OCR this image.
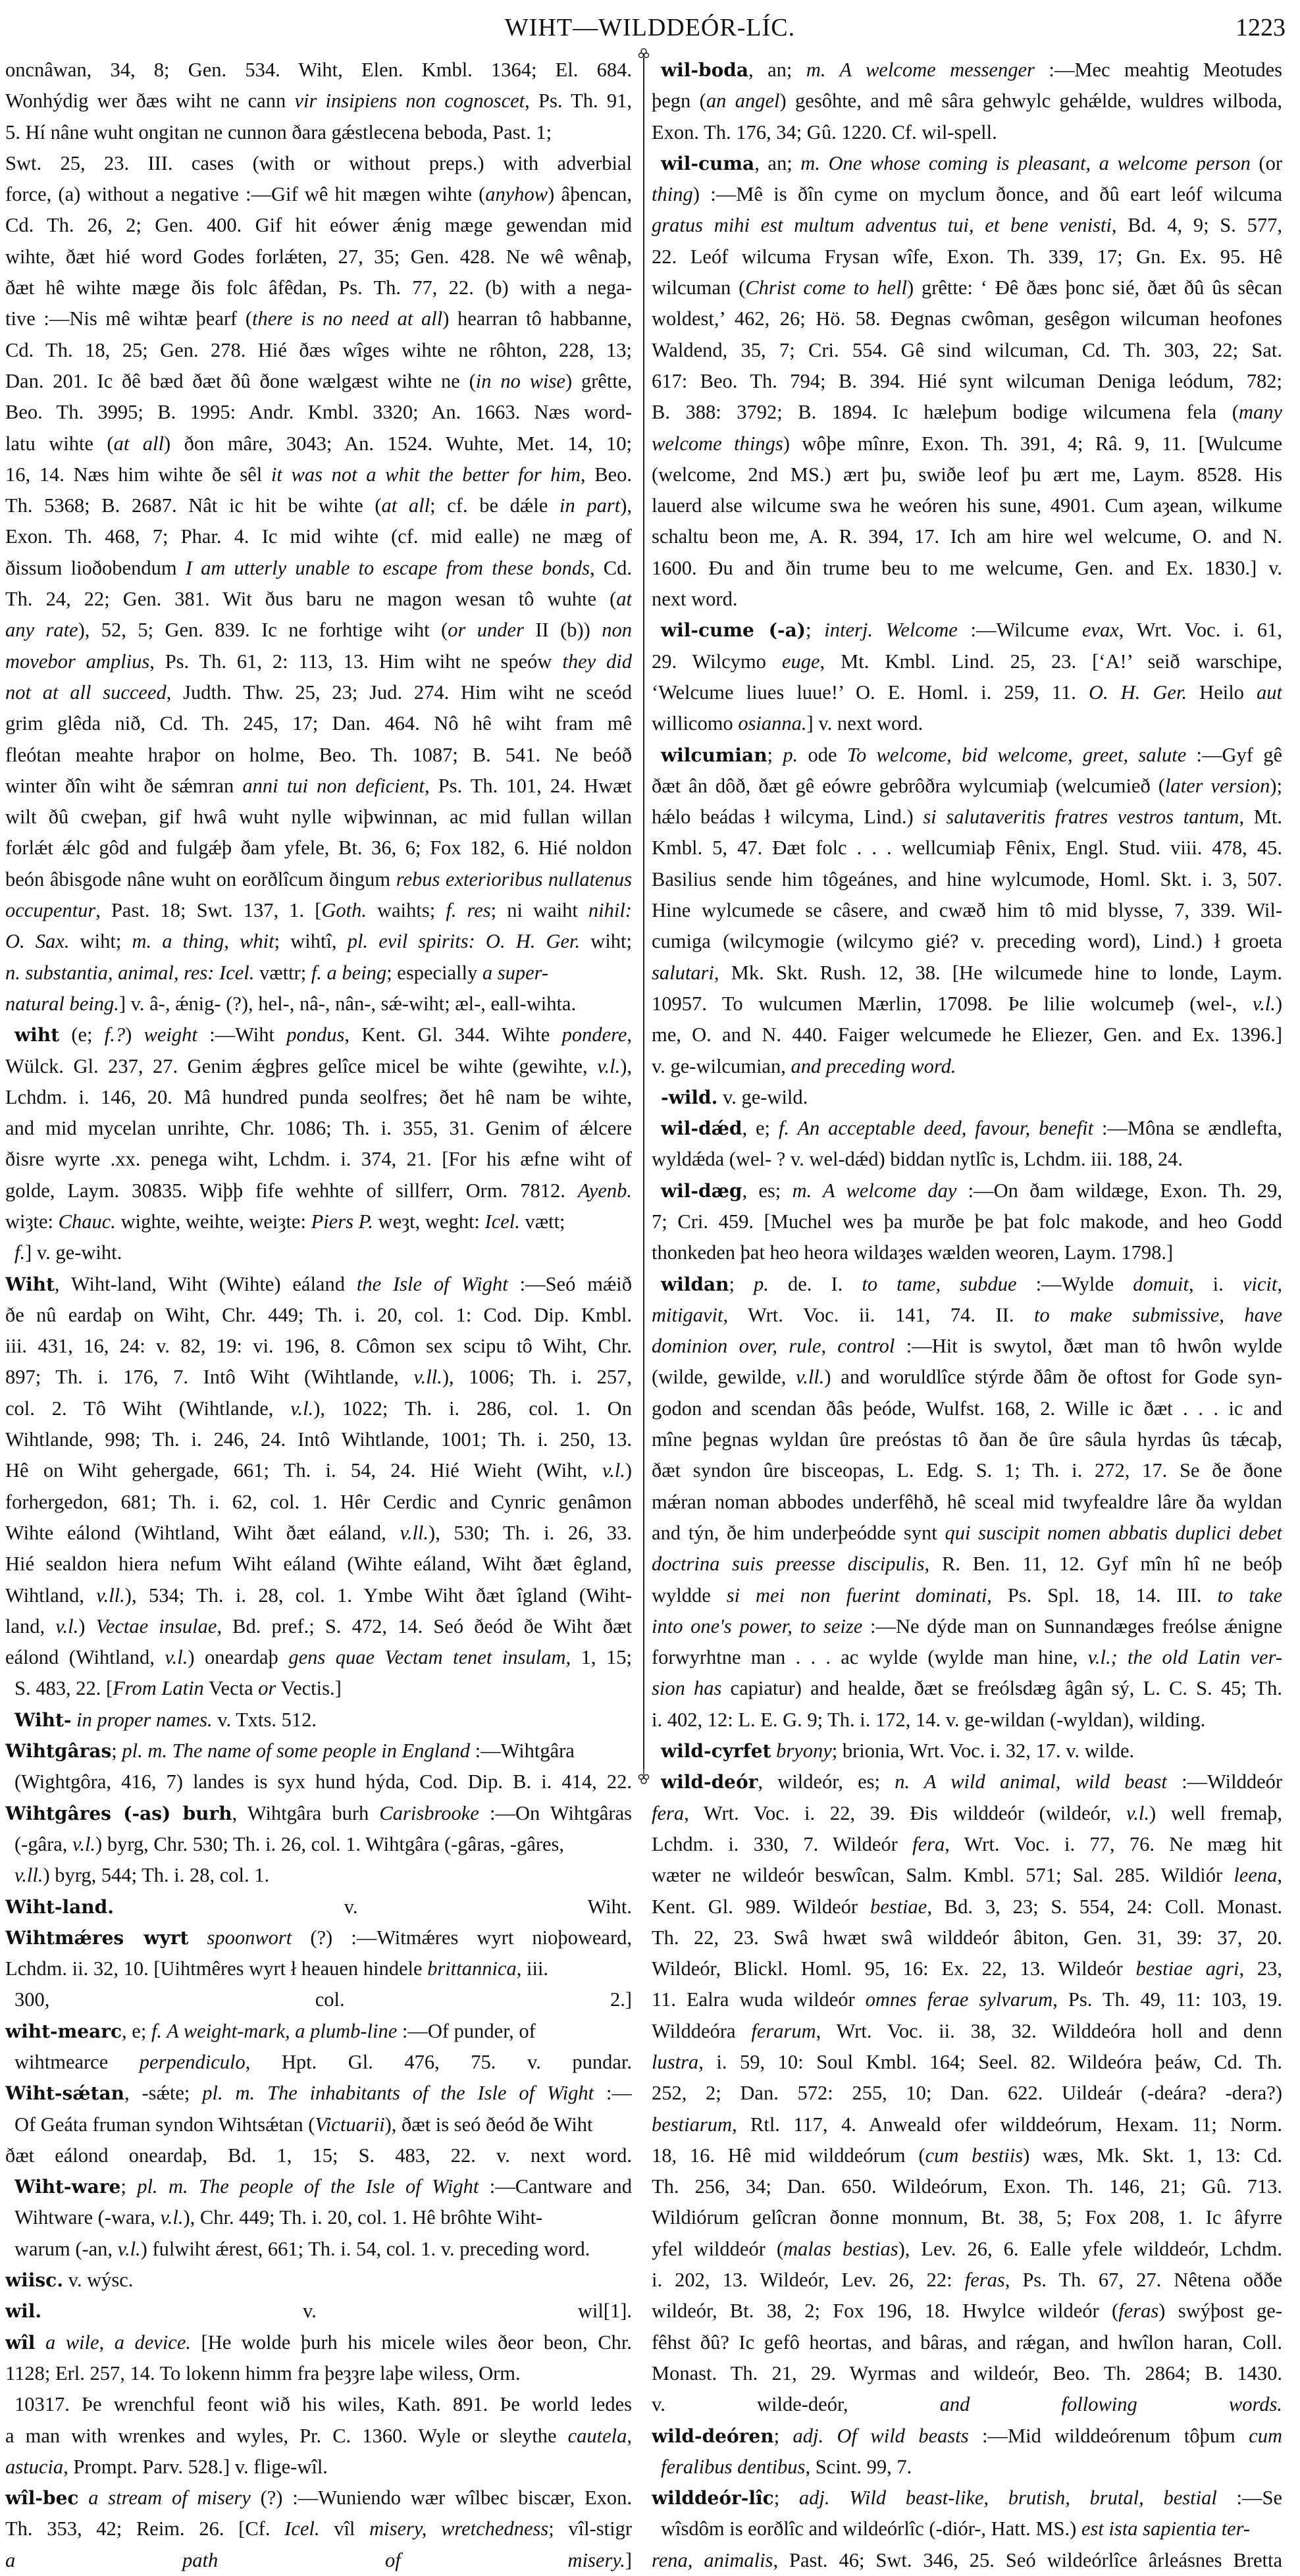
WIHT—WILDDEÓR-LÍC.	1223
oncnâwan, 34, 8; Gen. 534. Wiht, Elen. Kmbl. 1364; El. 684.
Wonhýdig wer ðæs wiht ne cann vir insipiens non cognoscet, Ps. Th. 91,
5. Hí nâne wuht ongitan ne cunnon ðara gǽstlecena beboda, Past. 1;
Swt. 25, 23. III. cases (with or without preps.) with adverbial
force, (a) without a negative :—Gif wê hit mægen wihte (anyhow) âþencan,
Cd. Th. 26, 2; Gen. 400. Gif hit eówer ǽnig mæge gewendan mid
wihte, ðæt hié word Godes forlǽten, 27, 35; Gen. 428. Ne wê wênaþ,
ðæt hê wihte mæge ðis folc âfêdan, Ps. Th. 77, 22. (b) with a nega-
tive :—Nis mê wihtæ þearf (there is no need at all) hearran tô habbanne,
Cd. Th. 18, 25; Gen. 278. Hié ðæs wîges wihte ne rôhton, 228, 13;
Dan. 201. Ic ðê bæd ðæt ðû ðone wælgæst wihte ne (in no wise) grêtte,
Beo. Th. 3995; B. 1995: Andr. Kmbl. 3320; An. 1663. Næs word-
latu wihte (at all) ðon mâre, 3043; An. 1524. Wuhte, Met. 14, 10;
16, 14. Næs him wihte ðe sêl it was not a whit the better for him, Beo.
Th. 5368; B. 2687. Nât ic hit be wihte (at all; cf. be dǽle in part),
Exon. Th. 468, 7; Phar. 4. Ic mid wihte (cf. mid ealle) ne mæg of
ðissum lioðobendum I am utterly unable to escape from these bonds, Cd.
Th. 24, 22; Gen. 381. Wit ðus baru ne magon wesan tô wuhte (at
any rate), 52, 5; Gen. 839. Ic ne forhtige wiht (or under II (b)) non
movebor amplius, Ps. Th. 61, 2: 113, 13. Him wiht ne speów they did
not at all succeed, Judth. Thw. 25, 23; Jud. 274. Him wiht ne sceód
grim glêda nið, Cd. Th. 245, 17; Dan. 464. Nô hê wiht fram mê
fleótan meahte hraþor on holme, Beo. Th. 1087; B. 541. Ne beóð
winter ðîn wiht ðe sǽmran anni tui non deficient, Ps. Th. 101, 24. Hwæt
wilt ðû cweþan, gif hwâ wuht nylle wiþwinnan, ac mid fullan willan
forlǽt ǽlc gôd and fulgǽþ ðam yfele, Bt. 36, 6; Fox 182, 6. Hié noldon
beón âbisgode nâne wuht on eorðlîcum ðingum rebus exterioribus nullatenus
occupentur, Past. 18; Swt. 137, 1. [Goth. waihts; f. res; ni waiht nihil:
O. Sax. wiht; m. a thing, whit; wihtî, pl. evil spirits: O. H. Ger. wiht;
n. substantia, animal, res: Icel. vættr; f. a being; especially a super-
natural being.] v. â-, ǽnig- (?), hel-, nâ-, nân-, sǽ-wiht; æl-, eall-wihta.
wiht (e; f.?) weight :—Wiht pondus, Kent. Gl. 344. Wihte pondere,
Wülck. Gl. 237, 27. Genim ǽgþres gelîce micel be wihte (gewihte, v.l.),
Lchdm. i. 146, 20. Mâ hundred punda seolfres; ðet hê nam be wihte,
and mid mycelan unrihte, Chr. 1086; Th. i. 355, 31. Genim of ǽlcere
ðisre wyrte .xx. penega wiht, Lchdm. i. 374, 21. [For his æfne wiht of
golde, Laym. 30835. Wiþþ fife wehhte of sillferr, Orm. 7812. Ayenb.
wiȝte: Chauc. wighte, weihte, weiȝte: Piers P. weȝt, weght: Icel. vætt;
f.] v. ge-wiht.
Wiht, Wiht-land, Wiht (Wihte) eáland the Isle of Wight :—Seó mǽið
ðe nû eardaþ on Wiht, Chr. 449; Th. i. 20, col. 1: Cod. Dip. Kmbl.
iii. 431, 16, 24: v. 82, 19: vi. 196, 8. Cômon sex scipu tô Wiht, Chr.
897; Th. i. 176, 7. Intô Wiht (Wihtlande, v.ll.), 1006; Th. i. 257,
col. 2. Tô Wiht (Wihtlande, v.l.), 1022; Th. i. 286, col. 1. On
Wihtlande, 998; Th. i. 246, 24. Intô Wihtlande, 1001; Th. i. 250, 13.
Hê on Wiht gehergade, 661; Th. i. 54, 24. Hié Wieht (Wiht, v.l.)
forhergedon, 681; Th. i. 62, col. 1. Hêr Cerdic and Cynric genâmon
Wihte eálond (Wihtland, Wiht ðæt eáland, v.ll.), 530; Th. i. 26, 33.
Hié sealdon hiera nefum Wiht eáland (Wihte eáland, Wiht ðæt êgland,
Wihtland, v.ll.), 534; Th. i. 28, col. 1. Ymbe Wiht ðæt îgland (Wiht-
land, v.l.) Vectae insulae, Bd. pref.; S. 472, 14. Seó ðeód ðe Wiht ðæt
eálond (Wihtland, v.l.) oneardaþ gens quae Vectam tenet insulam, 1, 15;
S. 483, 22. [From Latin Vecta or Vectis.]
Wiht- in proper names. v. Txts. 512.
Wihtgâras; pl. m. The name of some people in England :—Wihtgâra
(Wightgôra, 416, 7) landes is syx hund hýda, Cod. Dip. B. i. 414, 22.
Wihtgâres (-as) burh, Wihtgâra burh Carisbrooke :—On Wihtgâras
(-gâra, v.l.) byrg, Chr. 530; Th. i. 26, col. 1. Wihtgâra (-gâras, -gâres,
v.ll.) byrg, 544; Th. i. 28, col. 1.
Wiht-land. v. Wiht.
Wihtmǽres wyrt spoonwort (?) :—Witmǽres wyrt nioþoweard,
Lchdm. ii. 32, 10. [Uihtmêres wyrt ł heauen hindele brittannica, iii.
300, col. 2.]
wiht-mearc, e; f. A weight-mark, a plumb-line :—Of punder, of
wihtmearce perpendiculo, Hpt. Gl. 476, 75. v. pundar.
Wiht-sǽtan, -sǽte; pl. m. The inhabitants of the Isle of Wight :—
Of Geáta fruman syndon Wihtsǽtan (Victuarii), ðæt is seó ðeód ðe Wiht
ðæt eálond oneardaþ, Bd. 1, 15; S. 483, 22. v. next word.
Wiht-ware; pl. m. The people of the Isle of Wight :—Cantware and
Wihtware (-wara, v.l.), Chr. 449; Th. i. 20, col. 1. Hê brôhte Wiht-
warum (-an, v.l.) fulwiht ǽrest, 661; Th. i. 54, col. 1. v. preceding word.
wiisc. v. wýsc.
wil. v. wil[1].
wîl a wile, a device. [He wolde þurh his micele wiles ðeor beon, Chr.
1128; Erl. 257, 14. To lokenn himm fra þeȝȝre laþe wiless, Orm.
10317. Þe wrenchful feont wið his wiles, Kath. 891. Þe world ledes
a man with wrenkes and wyles, Pr. C. 1360. Wyle or sleythe cautela,
astucia, Prompt. Parv. 528.] v. flige-wîl.
wîl-bec a stream of misery (?) :—Wuniendo wær wîlbec biscær, Exon.
Th. 353, 42; Reim. 26. [Cf. Icel. vîl misery, wretchedness; vîl-stigr
a path of misery.]
wil-boda, an; m. A welcome messenger :—Mec meahtig Meotudes
þegn (an angel) gesôhte, and mê sâra gehwylc gehǽlde, wuldres wilboda,
Exon. Th. 176, 34; Gû. 1220. Cf. wil-spell.
wil-cuma, an; m. One whose coming is pleasant, a welcome person (or
thing) :—Mê is ðîn cyme on myclum ðonce, and ðû eart leóf wilcuma
gratus mihi est multum adventus tui, et bene venisti, Bd. 4, 9; S. 577,
22. Leóf wilcuma Frysan wîfe, Exon. Th. 339, 17; Gn. Ex. 95. Hê
wilcuman (Christ come to hell) grêtte: ‘ Ðê ðæs þonc sié, ðæt ðû ûs sêcan
woldest,’ 462, 26; Hö. 58. Ðegnas cwôman, gesêgon wilcuman heofones
Waldend, 35, 7; Cri. 554. Gê sind wilcuman, Cd. Th. 303, 22; Sat.
617: Beo. Th. 794; B. 394. Hié synt wilcuman Deniga leódum, 782;
B. 388: 3792; B. 1894. Ic hæleþum bodige wilcumena fela (many
welcome things) wôþe mînre, Exon. Th. 391, 4; Râ. 9, 11. [Wulcume
(welcome, 2nd MS.) ært þu, swiðe leof þu ært me, Laym. 8528. His
lauerd alse wilcume swa he weóren his sune, 4901. Cum aȝean, wilkume
schaltu beon me, A. R. 394, 17. Ich am hire wel welcume, O. and N.
1600. Ðu and ðin trume beu to me welcume, Gen. and Ex. 1830.] v.
next word.
wil-cume (-a); interj. Welcome :—Wilcume evax, Wrt. Voc. i. 61,
29. Wilcymo euge, Mt. Kmbl. Lind. 25, 23. [‘A!’ seið warschipe,
‘Welcume liues luue!’ O. E. Homl. i. 259, 11. O. H. Ger. Heilo aut
willicomo osianna.] v. next word.
wilcumian; p. ode To welcome, bid welcome, greet, salute :—Gyf gê
ðæt ân dôð, ðæt gê eówre gebrôðra wylcumiaþ (welcumieð (later version);
hǽlo beádas ł wilcyma, Lind.) si salutaveritis fratres vestros tantum, Mt.
Kmbl. 5, 47. Ðæt folc . . . wellcumiaþ Fênix, Engl. Stud. viii. 478, 45.
Basilius sende him tôgeánes, and hine wylcumode, Homl. Skt. i. 3, 507.
Hine wylcumede se câsere, and cwæð him tô mid blysse, 7, 339. Wil-
cumiga (wilcymogie (wilcymo gié? v. preceding word), Lind.) ł groeta
salutari, Mk. Skt. Rush. 12, 38. [He wilcumede hine to londe, Laym.
10957. To wulcumen Mærlin, 17098. Þe lilie wolcumeþ (wel-, v.l.)
me, O. and N. 440. Faiger welcumede he Eliezer, Gen. and Ex. 1396.]
v. ge-wilcumian, and preceding word.
-wild. v. ge-wild.
wil-dǽd, e; f. An acceptable deed, favour, benefit :—Môna se ændlefta,
wyldǽda (wel- ? v. wel-dǽd) biddan nytlîc is, Lchdm. iii. 188, 24.
wil-dæg, es; m. A welcome day :—On ðam wildæge, Exon. Th. 29,
7; Cri. 459. [Muchel wes þa murðe þe þat folc makode, and heo Godd
thonkeden þat heo heora wildaȝes wælden weoren, Laym. 1798.]
wildan; p. de. I. to tame, subdue :—Wylde domuit, i. vicit,
mitigavit, Wrt. Voc. ii. 141, 74. II. to make submissive, have
dominion over, rule, control :—Hit is swytol, ðæt man tô hwôn wylde
(wilde, gewilde, v.ll.) and woruldlîce stýrde ðâm ðe oftost for Gode syn-
godon and scendan ðâs þeóde, Wulfst. 168, 2. Wille ic ðæt . . . ic and
mîne þegnas wyldan ûre preóstas tô ðan ðe ûre sâula hyrdas ûs tǽcaþ,
ðæt syndon ûre bisceopas, L. Edg. S. 1; Th. i. 272, 17. Se ðe ðone
mǽran noman abbodes underfêhð, hê sceal mid twyfealdre lâre ða wyldan
and týn, ðe him underþeódde synt qui suscipit nomen abbatis duplici debet
doctrina suis preesse discipulis, R. Ben. 11, 12. Gyf mîn hî ne beóþ
wyldde si mei non fuerint dominati, Ps. Spl. 18, 14. III. to take
into one's power, to seize :—Ne dýde man on Sunnandæges freólse ǽnigne
forwyrhtne man . . . ac wylde (wylde man hine, v.l.; the old Latin ver-
sion has capiatur) and healde, ðæt se freólsdæg âgân sý, L. C. S. 45; Th.
i. 402, 12: L. E. G. 9; Th. i. 172, 14. v. ge-wildan (-wyldan), wilding.
wild-cyrfet bryony; brionia, Wrt. Voc. i. 32, 17. v. wilde.
wild-deór, wildeór, es; n. A wild animal, wild beast :—Wilddeór
fera, Wrt. Voc. i. 22, 39. Ðis wilddeór (wildeór, v.l.) well fremaþ,
Lchdm. i. 330, 7. Wildeór fera, Wrt. Voc. i. 77, 76. Ne mæg hit
wæter ne wildeór beswîcan, Salm. Kmbl. 571; Sal. 285. Wildiór leena,
Kent. Gl. 989. Wildeór bestiae, Bd. 3, 23; S. 554, 24: Coll. Monast.
Th. 22, 23. Swâ hwæt swâ wilddeór âbiton, Gen. 31, 39: 37, 20.
Wildeór, Blickl. Homl. 95, 16: Ex. 22, 13. Wildeór bestiae agri, 23,
11. Ealra wuda wildeór omnes ferae sylvarum, Ps. Th. 49, 11: 103, 19.
Wilddeóra ferarum, Wrt. Voc. ii. 38, 32. Wilddeóra holl and denn
lustra, i. 59, 10: Soul Kmbl. 164; Seel. 82. Wildeóra þeáw, Cd. Th.
252, 2; Dan. 572: 255, 10; Dan. 622. Uildeár (-deára? -dera?)
bestiarum, Rtl. 117, 4. Anweald ofer wilddeórum, Hexam. 11; Norm.
18, 16. Hê mid wilddeórum (cum bestiis) wæs, Mk. Skt. 1, 13: Cd.
Th. 256, 34; Dan. 650. Wildeórum, Exon. Th. 146, 21; Gû. 713.
Wildiórum gelîcran ðonne monnum, Bt. 38, 5; Fox 208, 1. Ic âfyrre
yfel wilddeór (malas bestias), Lev. 26, 6. Ealle yfele wilddeór, Lchdm.
i. 202, 13. Wildeór, Lev. 26, 22: feras, Ps. Th. 67, 27. Nêtena oððe
wildeór, Bt. 38, 2; Fox 196, 18. Hwylce wildeór (feras) swýþost ge-
fêhst ðû? Ic gefô heortas, and bâras, and rǽgan, and hwîlon haran, Coll.
Monast. Th. 21, 29. Wyrmas and wildeór, Beo. Th. 2864; B. 1430.
v. wilde-deór, and following words.
wild-deóren; adj. Of wild beasts :—Mid wilddeórenum tôþum cum
feralibus dentibus, Scint. 99, 7.
wilddeór-lîc; adj. Wild beast-like, brutish, brutal, bestial :—Se
wîsdôm is eorðlîc and wildeórlîc (-diór-, Hatt. MS.) est ista sapientia ter-
rena, animalis, Past. 46; Swt. 346, 25. Seó wildeórlîce ârleásnes Bretta
